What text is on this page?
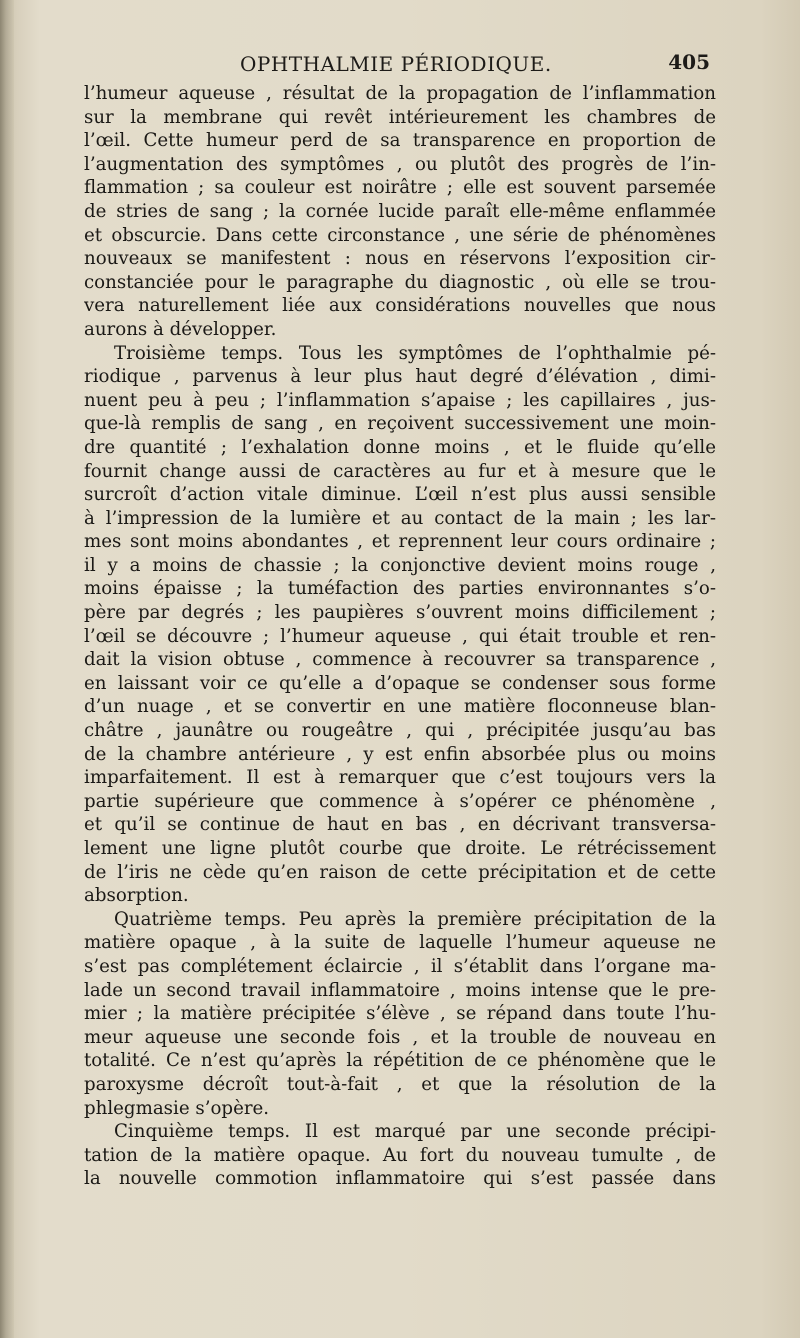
OPHTHALMIE PÉRIODIQUE.	405
l’humeur aqueuse , résultat de la propagation de l’inflammation
sur la membrane qui revêt intérieurement les chambres de
l’œil. Cette humeur perd de sa transparence en proportion de
l’augmentation des symptômes , ou plutôt des progrès de l’in-
flammation ; sa couleur est noirâtre ; elle est souvent parsemée
de stries de sang ; la cornée lucide paraît elle-même enflammée
et obscurcie. Dans cette circonstance , une série de phénomènes
nouveaux se manifestent : nous en réservons l’exposition cir-
constanciée pour le paragraphe du diagnostic , où elle se trou-
vera naturellement liée aux considérations nouvelles que nous
aurons à développer.
Troisième temps. Tous les symptômes de l’ophthalmie pé-
riodique , parvenus à leur plus haut degré d’élévation , dimi-
nuent peu à peu ; l’inflammation s’apaise ; les capillaires , jus-
que-là remplis de sang , en reçoivent successivement une moin-
dre quantité ; l’exhalation donne moins , et le fluide qu’elle
fournit change aussi de caractères au fur et à mesure que le
surcroît d’action vitale diminue. L’œil n’est plus aussi sensible
à l’impression de la lumière et au contact de la main ; les lar-
mes sont moins abondantes , et reprennent leur cours ordinaire ;
il y a moins de chassie ; la conjonctive devient moins rouge ,
moins épaisse ; la tuméfaction des parties environnantes s’o-
père par degrés ; les paupières s’ouvrent moins difficilement ;
l’œil se découvre ; l’humeur aqueuse , qui était trouble et ren-
dait la vision obtuse , commence à recouvrer sa transparence ,
en laissant voir ce qu’elle a d’opaque se condenser sous forme
d’un nuage , et se convertir en une matière floconneuse blan-
châtre , jaunâtre ou rougeâtre , qui , précipitée jusqu’au bas
de la chambre antérieure , y est enfin absorbée plus ou moins
imparfaitement. Il est à remarquer que c’est toujours vers la
partie supérieure que commence à s’opérer ce phénomène ,
et qu’il se continue de haut en bas , en décrivant transversa-
lement une ligne plutôt courbe que droite. Le rétrécissement
de l’iris ne cède qu’en raison de cette précipitation et de cette
absorption.
Quatrième temps. Peu après la première précipitation de la
matière opaque , à la suite de laquelle l’humeur aqueuse ne
s’est pas complétement éclaircie , il s’établit dans l’organe ma-
lade un second travail inflammatoire , moins intense que le pre-
mier ; la matière précipitée s’élève , se répand dans toute l’hu-
meur aqueuse une seconde fois , et la trouble de nouveau en
totalité. Ce n’est qu’après la répétition de ce phénomène que le
paroxysme décroît tout-à-fait , et que la résolution de la
phlegmasie s’opère.
Cinquième temps. Il est marqué par une seconde précipi-
tation de la matière opaque. Au fort du nouveau tumulte , de
la nouvelle commotion inflammatoire qui s’est passée dans
